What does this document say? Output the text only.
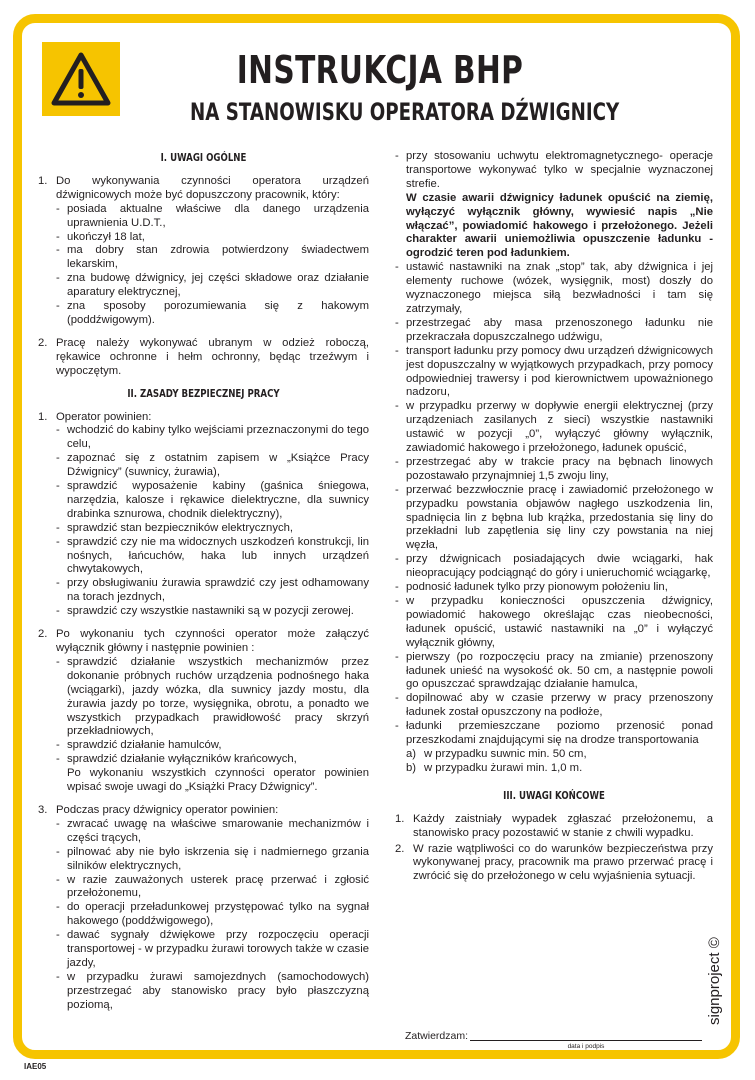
INSTRUKCJA BHP
NA STANOWISKU OPERATORA DŹWIGNICY
I. UWAGI OGÓLNE
1. Do wykonywania czynności operatora urządzeń dźwignicowych może być dopuszczony pracownik, który:
- posiada aktualne właściwe dla danego urządzenia uprawnienia U.D.T.,
- ukończył 18 lat,
- ma dobry stan zdrowia potwierdzony świadectwem lekarskim,
- zna budowę dźwignicy, jej części składowe oraz działanie aparatury elektrycznej,
- zna sposoby porozumiewania się z hakowym (poddźwigowym).
2. Pracę należy wykonywać ubranym w odzież roboczą, rękawice ochronne i hełm ochronny, będąc trzeźwym i wypoczętym.
II. ZASADY BEZPIECZNEJ PRACY
1. Operator powinien:
- wchodzić do kabiny tylko wejściami przeznaczonymi do tego celu,
- zapoznać się z ostatnim zapisem w „Książce Pracy Dźwignicy” (suwnicy, żurawia),
- sprawdzić wyposażenie kabiny (gaśnica śniegowa, narzędzia, kalosze i rękawice dielektryczne, dla suwnicy drabinka sznurowa, chodnik dielektryczny),
- sprawdzić stan bezpieczników elektrycznych,
- sprawdzić czy nie ma widocznych uszkodzeń konstrukcji, lin nośnych, łańcuchów, haka lub innych urządzeń chwytakowych,
- przy obsługiwaniu żurawia sprawdzić czy jest odhamowany na torach jezdnych,
- sprawdzić czy wszystkie nastawniki są w pozycji zerowej.
2. Po wykonaniu tych czynności operator może załączyć wyłącznik główny i następnie powinien :
- sprawdzić działanie wszystkich mechanizmów przez dokonanie próbnych ruchów urządzenia podnośnego haka (wciągarki), jazdy wózka, dla suwnicy jazdy mostu, dla żurawia jazdy po torze, wysięgnika, obrotu, a ponadto we wszystkich przypadkach prawidłowość pracy skrzyń przekładniowych,
- sprawdzić działanie hamulców,
- sprawdzić działanie wyłączników krańcowych,
Po wykonaniu wszystkich czynności operator powinien wpisać swoje uwagi do „Książki Pracy Dźwignicy”.
3. Podczas pracy dźwignicy operator powinien:
- zwracać uwagę na właściwe smarowanie mechanizmów i części trących,
- pilnować aby nie było iskrzenia się i nadmiernego grzania silników elektrycznych,
- w razie zauważonych usterek pracę przerwać i zgłosić przełożonemu,
- do operacji przeładunkowej przystępować tylko na sygnał hakowego (poddźwigowego),
- dawać sygnały dźwiękowe przy rozpoczęciu operacji transportowej - w przypadku żurawi torowych także w czasie jazdy,
- w przypadku żurawi samojezdnych (samochodowych) przestrzegać aby stanowisko pracy było płaszczyzną poziomą,
- przy stosowaniu uchwytu elektromagnetycznego- operacje transportowe wykonywać tylko w specjalnie wyznaczonej strefie.
W czasie awarii dźwignicy ładunek opuścić na ziemię, wyłączyć wyłącznik główny, wywiesić napis „Nie włączać”, powiadomić hakowego i przełożonego. Jeżeli charakter awarii uniemożliwia opuszczenie ładunku - ogrodzić teren pod ładunkiem.
- ustawić nastawniki na znak „stop” tak, aby dźwignica i jej elementy ruchowe (wózek, wysięgnik, most) doszły do wyznaczonego miejsca siłą bezwładności i tam się zatrzymały,
- przestrzegać aby masa przenoszonego ładunku nie przekraczała dopuszczalnego udźwigu,
- transport ładunku przy pomocy dwu urządzeń dźwignicowych jest dopuszczalny w wyjątkowych przypadkach, przy pomocy odpowiedniej trawersy i pod kierownictwem upoważnionego nadzoru,
- w przypadku przerwy w dopływie energii elektrycznej (przy urządzeniach zasilanych z sieci) wszystkie nastawniki ustawić w pozycji „0”, wyłączyć główny wyłącznik, zawiadomić hakowego i przełożonego, ładunek opuścić,
- przestrzegać aby w trakcie pracy na bębnach linowych pozostawało przynajmniej 1,5 zwoju liny,
- przerwać bezzwłocznie pracę i zawiadomić przełożonego w przypadku powstania objawów nagłego uszkodzenia lin, spadnięcia lin z bębna lub krążka, przedostania się liny do przekładni lub zapętlenia się liny czy powstania na niej węzła,
- przy dźwignicach posiadających dwie wciągarki, hak nieopracujący podciągnąć do góry i unieruchomić wciągarkę,
- podnosić ładunek tylko przy pionowym położeniu lin,
- w przypadku konieczności opuszczenia dźwignicy, powiadomić hakowego określając czas nieobecności, ładunek opuścić, ustawić nastawniki na „0” i wyłączyć wyłącznik główny,
- pierwszy (po rozpoczęciu pracy na zmianie) przenoszony ładunek unieść na wysokość ok. 50 cm, a następnie powoli go opuszczać sprawdzając działanie hamulca,
- dopilnować aby w czasie przerwy w pracy przenoszony ładunek został opuszczony na podłoże,
- ładunki przemieszczane poziomo przenosić ponad przeszkodami znajdującymi się na drodze transportowania
a) w przypadku suwnic min. 50 cm,
b) w przypadku żurawi min. 1,0 m.
III. UWAGI KOŃCOWE
1. Każdy zaistniały wypadek zgłaszać przełożonemu, a stanowisko pracy pozostawić w stanie z chwili wypadku.
2. W razie wątpliwości co do warunków bezpieczeństwa przy wykonywanej pracy, pracownik ma prawo przerwać pracę i zwrócić się do przełożonego w celu wyjaśnienia sytuacji.
Zatwierdzam:
data i podpis
signproject ©
IAE05
